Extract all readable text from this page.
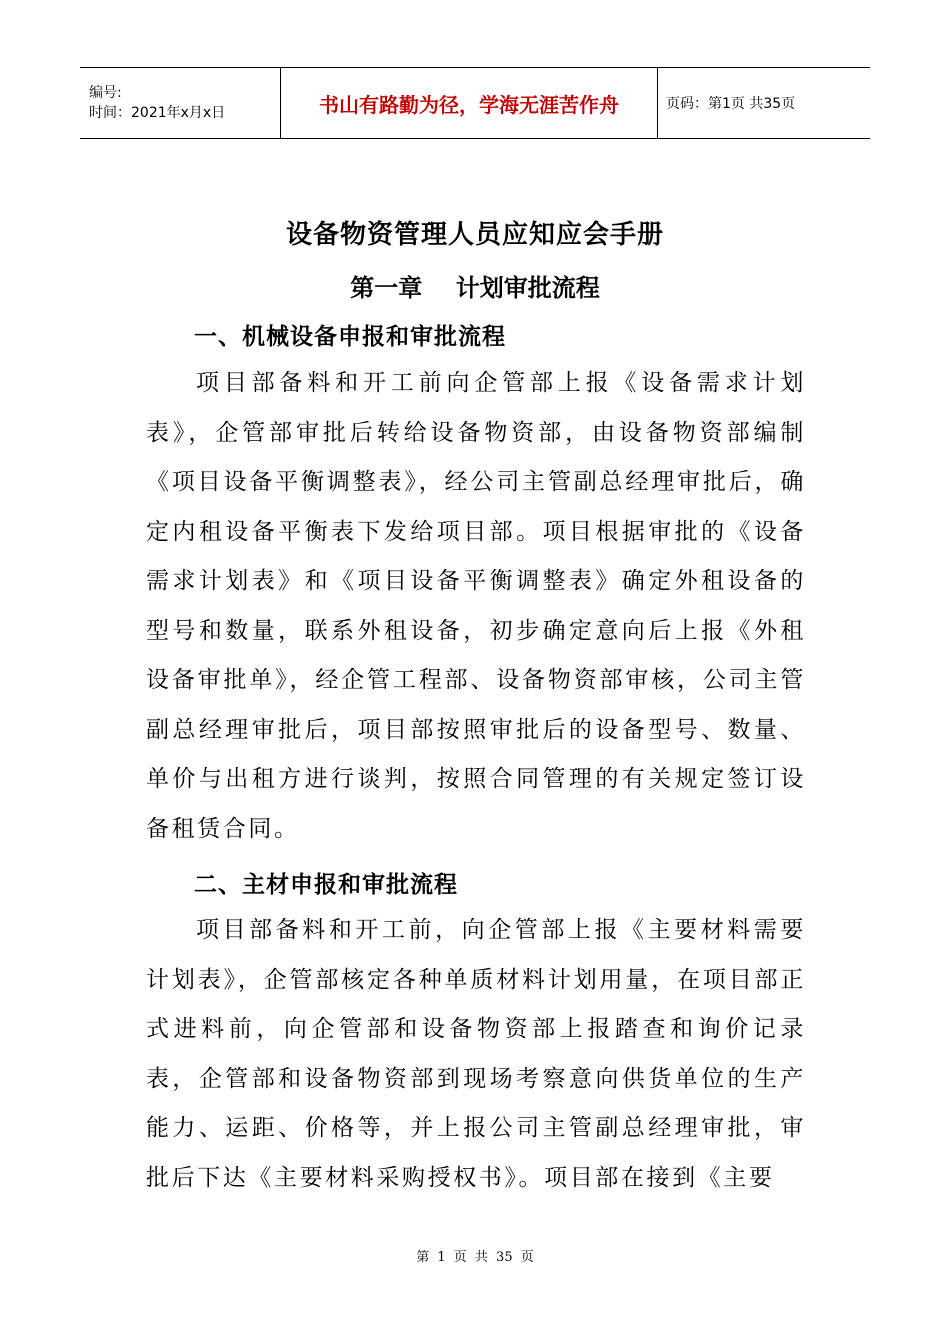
编号:
时间：2021年x月x日	书山有路勤为径，学海无涯苦作舟	页码：第1页 共35页
设备物资管理人员应知应会手册
第一章    计划审批流程
一、机械设备申报和审批流程
项目部备料和开工前向企管部上报《设备需求计划表》，企管部审批后转给设备物资部，由设备物资部编制《项目设备平衡调整表》，经公司主管副总经理审批后，确定内租设备平衡表下发给项目部。项目根据审批的《设备需求计划表》和《项目设备平衡调整表》确定外租设备的型号和数量，联系外租设备，初步确定意向后上报《外租设备审批单》，经企管工程部、设备物资部审核，公司主管副总经理审批后，项目部按照审批后的设备型号、数量、单价与出租方进行谈判，按照合同管理的有关规定签订设备租赁合同。
二、主材申报和审批流程
项目部备料和开工前，向企管部上报《主要材料需要计划表》，企管部核定各种单质材料计划用量，在项目部正式进料前，向企管部和设备物资部上报踏查和询价记录表，企管部和设备物资部到现场考察意向供货单位的生产能力、运距、价格等，并上报公司主管副总经理审批，审批后下达《主要材料采购授权书》。项目部在接到《主要
第 1 页 共 35 页
